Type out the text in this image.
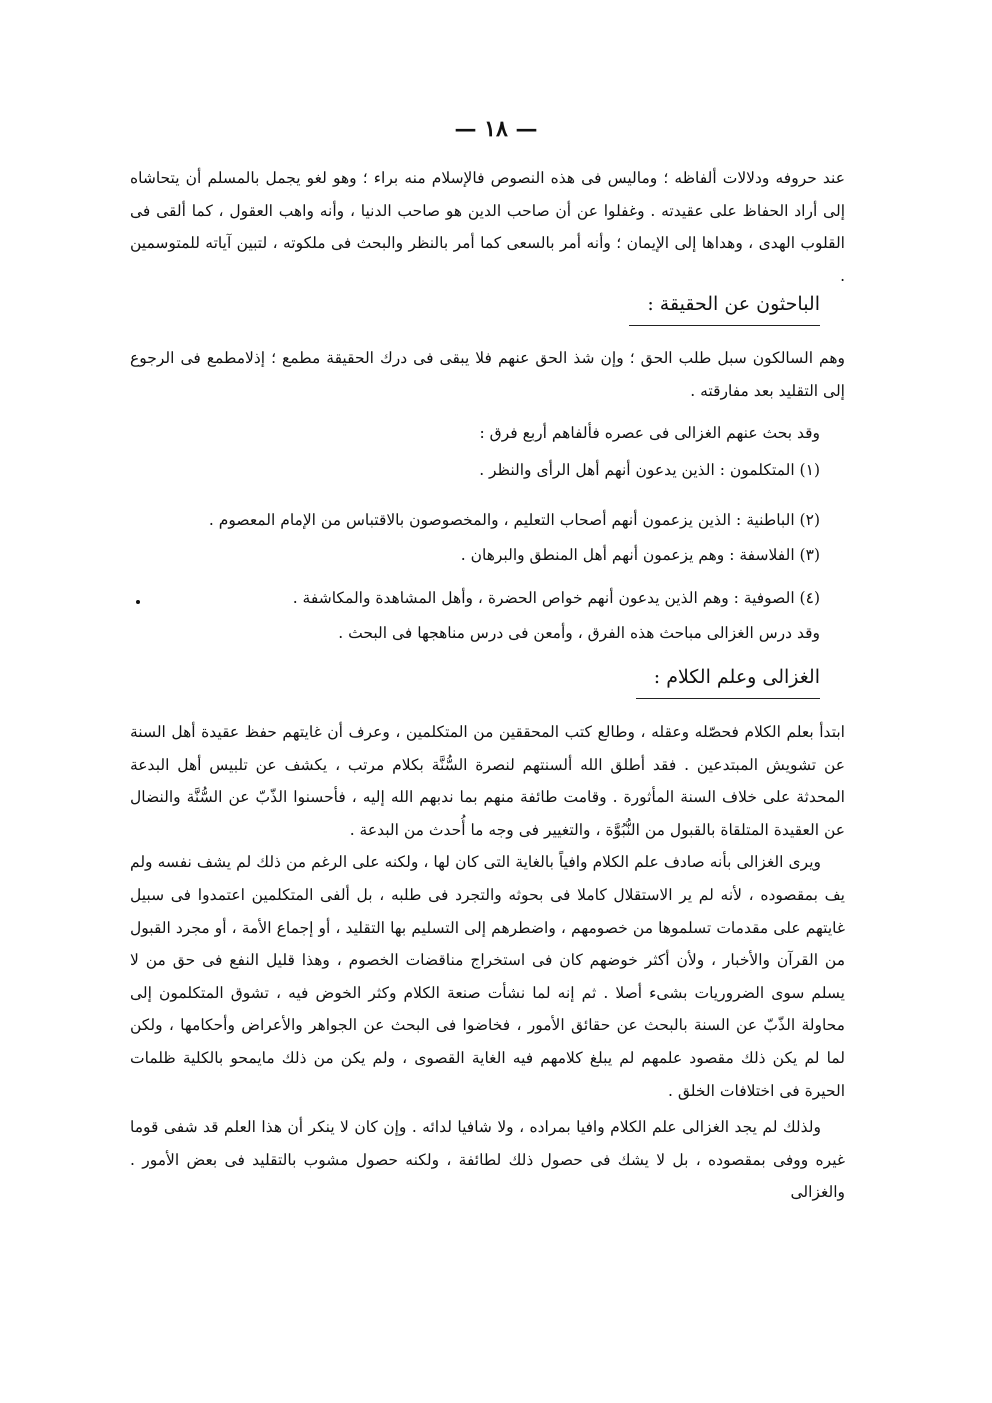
— ١٨ —

عند حروفه ودلالات ألفاظه ؛ وماليس فى هذه النصوص فالإسلام منه براء ؛ وهو لغو يجمل بالمسلم أن يتحاشاه إلى أراد الحفاظ على عقيدته . وغفلوا عن أن صاحب الدين هو صاحب الدنيا ، وأنه واهب العقول ، كما ألقى فى القلوب الهدى ، وهداها إلى الإيمان ؛ وأنه أمر بالسعى كما أمر بالنظر والبحث فى ملكوته ، لتبين آياته للمتوسمين .

الباحثون عن الحقيقة :

وهم السالكون سبل طلب الحق ؛ وإن شذ الحق عنهم فلا يبقى فى درك الحقيقة مطمع ؛ إذلامطمع فى الرجوع إلى التقليد بعد مفارقته .

وقد بحث عنهم الغزالى فى عصره فألفاهم أربع فرق :
(١) المتكلمون : الذين يدعون أنهم أهل الرأى والنظر .
(٢) الباطنية : الذين يزعمون أنهم أصحاب التعليم ، والمخصوصون بالاقتباس من الإمام المعصوم .
(٣) الفلاسفة : وهم يزعمون أنهم أهل المنطق والبرهان .
(٤) الصوفية : وهم الذين يدعون أنهم خواص الحضرة ، وأهل المشاهدة والمكاشفة .
وقد درس الغزالى مباحث هذه الفرق ، وأمعن فى درس مناهجها فى البحث .
الغزالى وعلم الكلام :

ابتدأ بعلم الكلام فحصّله وعقله ، وطالع كتب المحققين من المتكلمين ، وعرف أن غايتهم حفظ عقيدة أهل السنة عن تشويش المبتدعين . فقد أطلق الله ألسنتهم لنصرة السُّنَّة بكلام مرتب ، يكشف عن تلبيس أهل البدعة المحدثة على خلاف السنة المأثورة . وقامت طائفة منهم بما ندبهم الله إليه ، فأحسنوا الذّبّ عن السُّنَّة والنضال عن العقيدة المتلقاة بالقبول من النُّبُوَّة ، والتغيير فى وجه ما أُحدث من البدعة .

ويرى الغزالى بأنه صادف علم الكلام وافياً بالغاية التى كان لها ، ولكنه على الرغم من ذلك لم يشف نفسه ولم يف بمقصوده ، لأنه لم ير الاستقلال كاملا فى بحوثه والتجرد فى طلبه ، بل ألفى المتكلمين اعتمدوا فى سبيل غايتهم على مقدمات تسلموها من خصومهم ، واضطرهم إلى التسليم بها التقليد ، أو إجماع الأمة ، أو مجرد القبول من القرآن والأخبار ، ولأن أكثر خوضهم كان فى استخراج مناقضات الخصوم ، وهذا قليل النفع فى حق من لا يسلم سوى الضروريات بشىء أصلا . ثم إنه لما نشأت صنعة الكلام وكثر الخوض فيه ، تشوق المتكلمون إلى محاولة الذّبّ عن السنة بالبحث عن حقائق الأمور ، فخاضوا فى البحث عن الجواهر والأعراض وأحكامها ، ولكن لما لم يكن ذلك مقصود علمهم لم يبلغ كلامهم فيه الغاية القصوى ، ولم يكن من ذلك مايمحو بالكلية ظلمات الحيرة فى اختلافات الخلق .

ولذلك لم يجد الغزالى علم الكلام وافيا بمراده ، ولا شافيا لدائه . وإن كان لا ينكر أن هذا العلم قد شفى قوما غيره ووفى بمقصوده ، بل لا يشك فى حصول ذلك لطائفة ، ولكنه حصول مشوب بالتقليد فى بعض الأمور . والغزالى
